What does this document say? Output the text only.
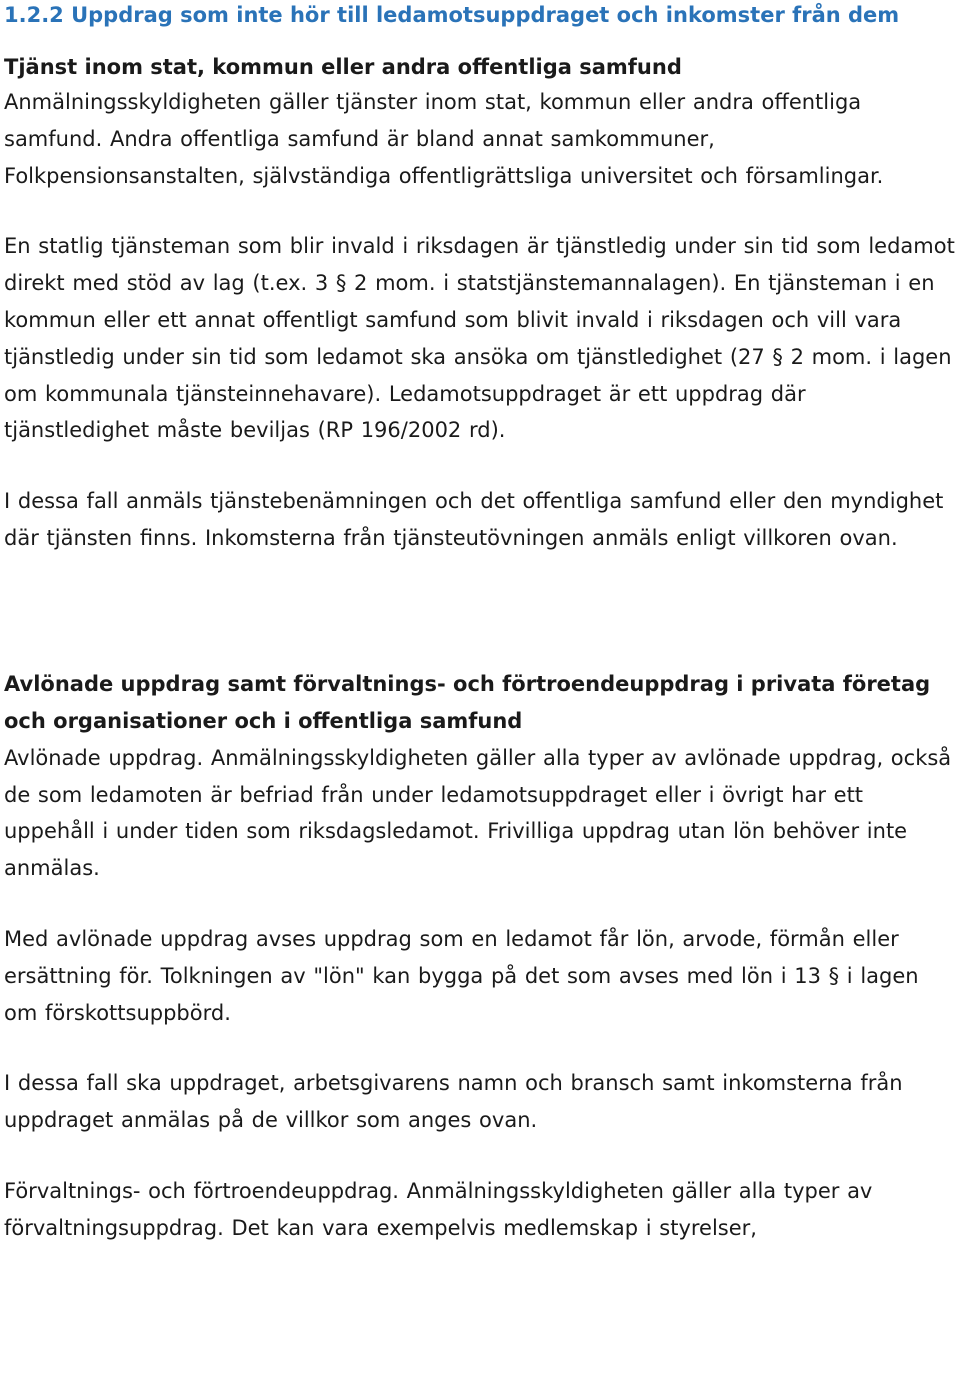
1.2.2 Uppdrag som inte hör till ledamotsuppdraget och inkomster från dem
Tjänst inom stat, kommun eller andra offentliga samfund

Anmälningsskyldigheten gäller tjänster inom stat, kommun eller andra offentliga samfund. Andra offentliga samfund är bland annat samkommuner, Folkpensionsanstalten, självständiga offentligrättsliga universitet och församlingar.

En statlig tjänsteman som blir invald i riksdagen är tjänstledig under sin tid som ledamot direkt med stöd av lag (t.ex. 3 § 2 mom. i statstjänstemannalagen). En tjänsteman i en kommun eller ett annat offentligt samfund som blivit invald i riksdagen och vill vara tjänstledig under sin tid som ledamot ska ansöka om tjänstledighet (27 § 2 mom. i lagen om kommunala tjänsteinnehavare). Ledamotsuppdraget är ett uppdrag där tjänstledighet måste beviljas (RP 196/2002 rd).

I dessa fall anmäls tjänstebenämningen och det offentliga samfund eller den myndighet där tjänsten finns. Inkomsterna från tjänsteutövningen anmäls enligt villkoren ovan.

Avlönade uppdrag samt förvaltnings- och förtroendeuppdrag i privata företag och organisationer och i offentliga samfund

Avlönade uppdrag. Anmälningsskyldigheten gäller alla typer av avlönade uppdrag, också de som ledamoten är befriad från under ledamotsuppdraget eller i övrigt har ett uppehåll i under tiden som riksdagsledamot. Frivilliga uppdrag utan lön behöver inte anmälas.

Med avlönade uppdrag avses uppdrag som en ledamot får lön, arvode, förmån eller ersättning för. Tolkningen av "lön" kan bygga på det som avses med lön i 13 § i lagen om förskottsuppbörd.

I dessa fall ska uppdraget, arbetsgivarens namn och bransch samt inkomsterna från uppdraget anmälas på de villkor som anges ovan.

Förvaltnings- och förtroendeuppdrag. Anmälningsskyldigheten gäller alla typer av förvaltningsuppdrag. Det kan vara exempelvis medlemskap i styrelser,
